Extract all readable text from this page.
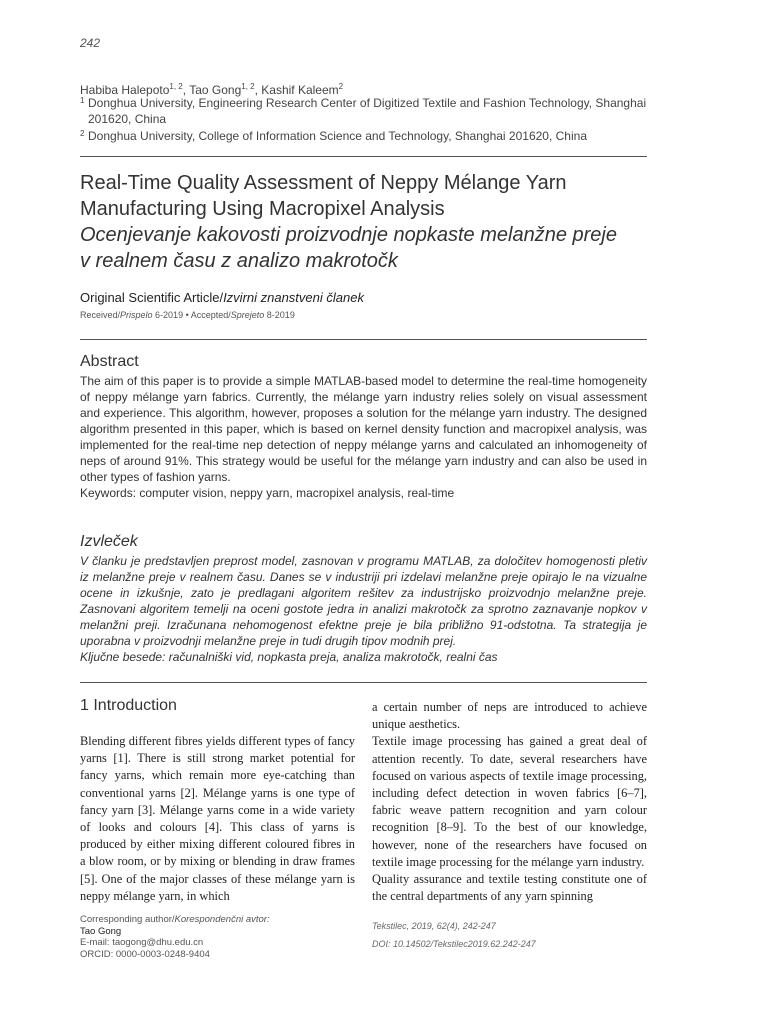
242
Habiba Halepoto$^{1, 2}$, Tao Gong$^{1, 2}$, Kashif Kaleem$^2$
1 Donghua University, Engineering Research Center of Digitized Textile and Fashion Technology, Shanghai 201620, China
2 Donghua University, College of Information Science and Technology, Shanghai 201620, China
Real-Time Quality Assessment of Neppy Mélange Yarn
Manufacturing Using Macropixel Analysis
Ocenjevanje kakovosti proizvodnje nopkaste melanžne preje
v realnem času z analizo makrotočk
Original Scientific Article/Izvirni znanstveni članek
Received/Prispelo 6-2019 • Accepted/Sprejeto 8-2019
Abstract
The aim of this paper is to provide a simple MATLAB-based model to determine the real-time homogeneity of neppy mélange yarn fabrics. Currently, the mélange yarn industry relies solely on visual assessment and experience. This algorithm, however, proposes a solution for the mélange yarn industry. The designed algorithm presented in this paper, which is based on kernel density function and macropixel analysis, was implemented for the real-time nep detection of neppy mélange yarns and calculated an inhomogeneity of neps of around 91%. This strategy would be useful for the mélange yarn industry and can also be used in other types of fashion yarns.
Keywords: computer vision, neppy yarn, macropixel analysis, real-time
Izvleček
V članku je predstavljen preprost model, zasnovan v programu MATLAB, za določitev homogenosti pletiv iz melanžne preje v realnem času. Danes se v industriji pri izdelavi melanžne preje opirajo le na vizualne ocene in izkušnje, zato je predlagani algoritem rešitev za industrijsko proizvodnjo melanžne preje. Zasnovani algoritem temelji na oceni gostote jedra in analizi makrotočk za sprotno zaznavanje nopkov v melanžni preji. Izračunana nehomogenost efektne preje je bila približno 91-odstotna. Ta strategija je uporabna v proizvodnji melanžne preje in tudi drugih tipov modnih prej.
Ključne besede: računalniški vid, nopkasta preja, analiza makrotočk, realni čas
1 Introduction

Blending different fibres yields different types of fancy yarns [1]. There is still strong market potential for fancy yarns, which remain more eye-catching than conventional yarns [2]. Mélange yarns is one type of fancy yarn [3]. Mélange yarns come in a wide variety of looks and colours [4]. This class of yarns is produced by either mixing different coloured fibres in a blow room, or by mixing or blending in draw frames [5]. One of the major classes of these mélange yarn is neppy mélange yarn, in which

a certain number of neps are introduced to achieve unique aesthetics.

Textile image processing has gained a great deal of attention recently. To date, several researchers have focused on various aspects of textile image processing, including defect detection in woven fabrics [6–7], fabric weave pattern recognition and yarn colour recognition [8–9]. To the best of our knowledge, however, none of the researchers have focused on textile image processing for the mélange yarn industry.

Quality assurance and textile testing constitute one of the central departments of any yarn spinning

Corresponding author/Korespondenčni avtor:
Tao Gong
E-mail: taogong@dhu.edu.cn
ORCID: 0000-0003-0248-9404
Tekstilec, 2019, 62(4), 242-247
DOI: 10.14502/Tekstilec2019.62.242-247
